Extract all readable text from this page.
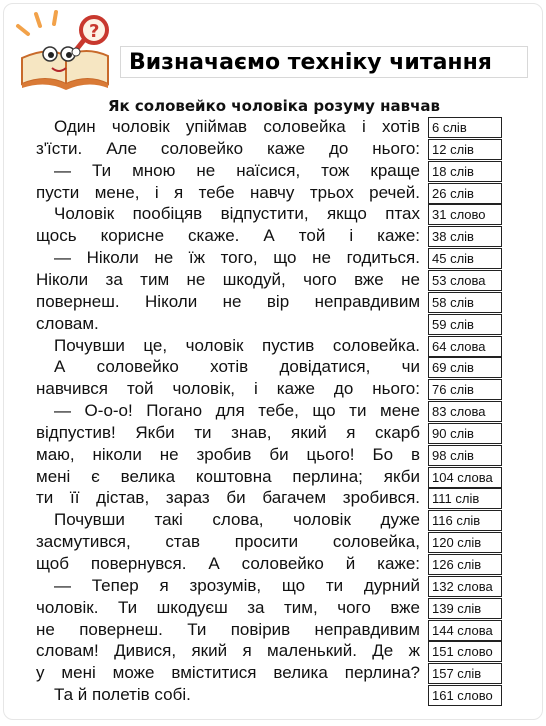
?
Визначаємо техніку читання
Як соловейко чоловіка розуму навчав
Один чоловік упіймав соловейка і хотів 6 слів
з'їсти. Але соловейко каже до нього: 12 слів
— Ти мною не наїсися, тож краще 18 слів
пусти мене, і я тебе навчу трьох речей. 26 слів
Чоловік пообіцяв відпустити, якщо птах 31 слово
щось корисне скаже. А той і каже: 38 слів
— Ніколи не їж того, що не годиться. 45 слів
Ніколи за тим не шкодуй, чого вже не 53 слова
повернеш. Ніколи не вір неправдивим 58 слів
словам.	59 слів
Почувши це, чоловік пустив соловейка. 64 слова
А соловейко хотів довідатися, чи 69 слів
навчився той чоловік, і каже до нього: 76 слів
— О-о-о! Погано для тебе, що ти мене 83 слова
відпустив! Якби ти знав, який я скарб 90 слів
маю, ніколи не зробив би цього! Бо в 98 слів
мені є велика коштовна перлина; якби 104 слова
ти її дістав, зараз би багачем зробився. 111 слів
Почувши такі слова, чоловік дуже 116 слів
засмутився, став просити соловейка, 120 слів
щоб повернувся. А соловейко й каже: 126 слів
— Тепер я зрозумів, що ти дурний 132 слова
чоловік. Ти шкодуєш за тим, чого вже 139 слів
не повернеш. Ти повірив неправдивим 144 слова
словам! Дивися, який я маленький. Де ж 151 слово
у мені може вміститися велика перлина? 157 слів
Та й полетів собі.	161 слово
